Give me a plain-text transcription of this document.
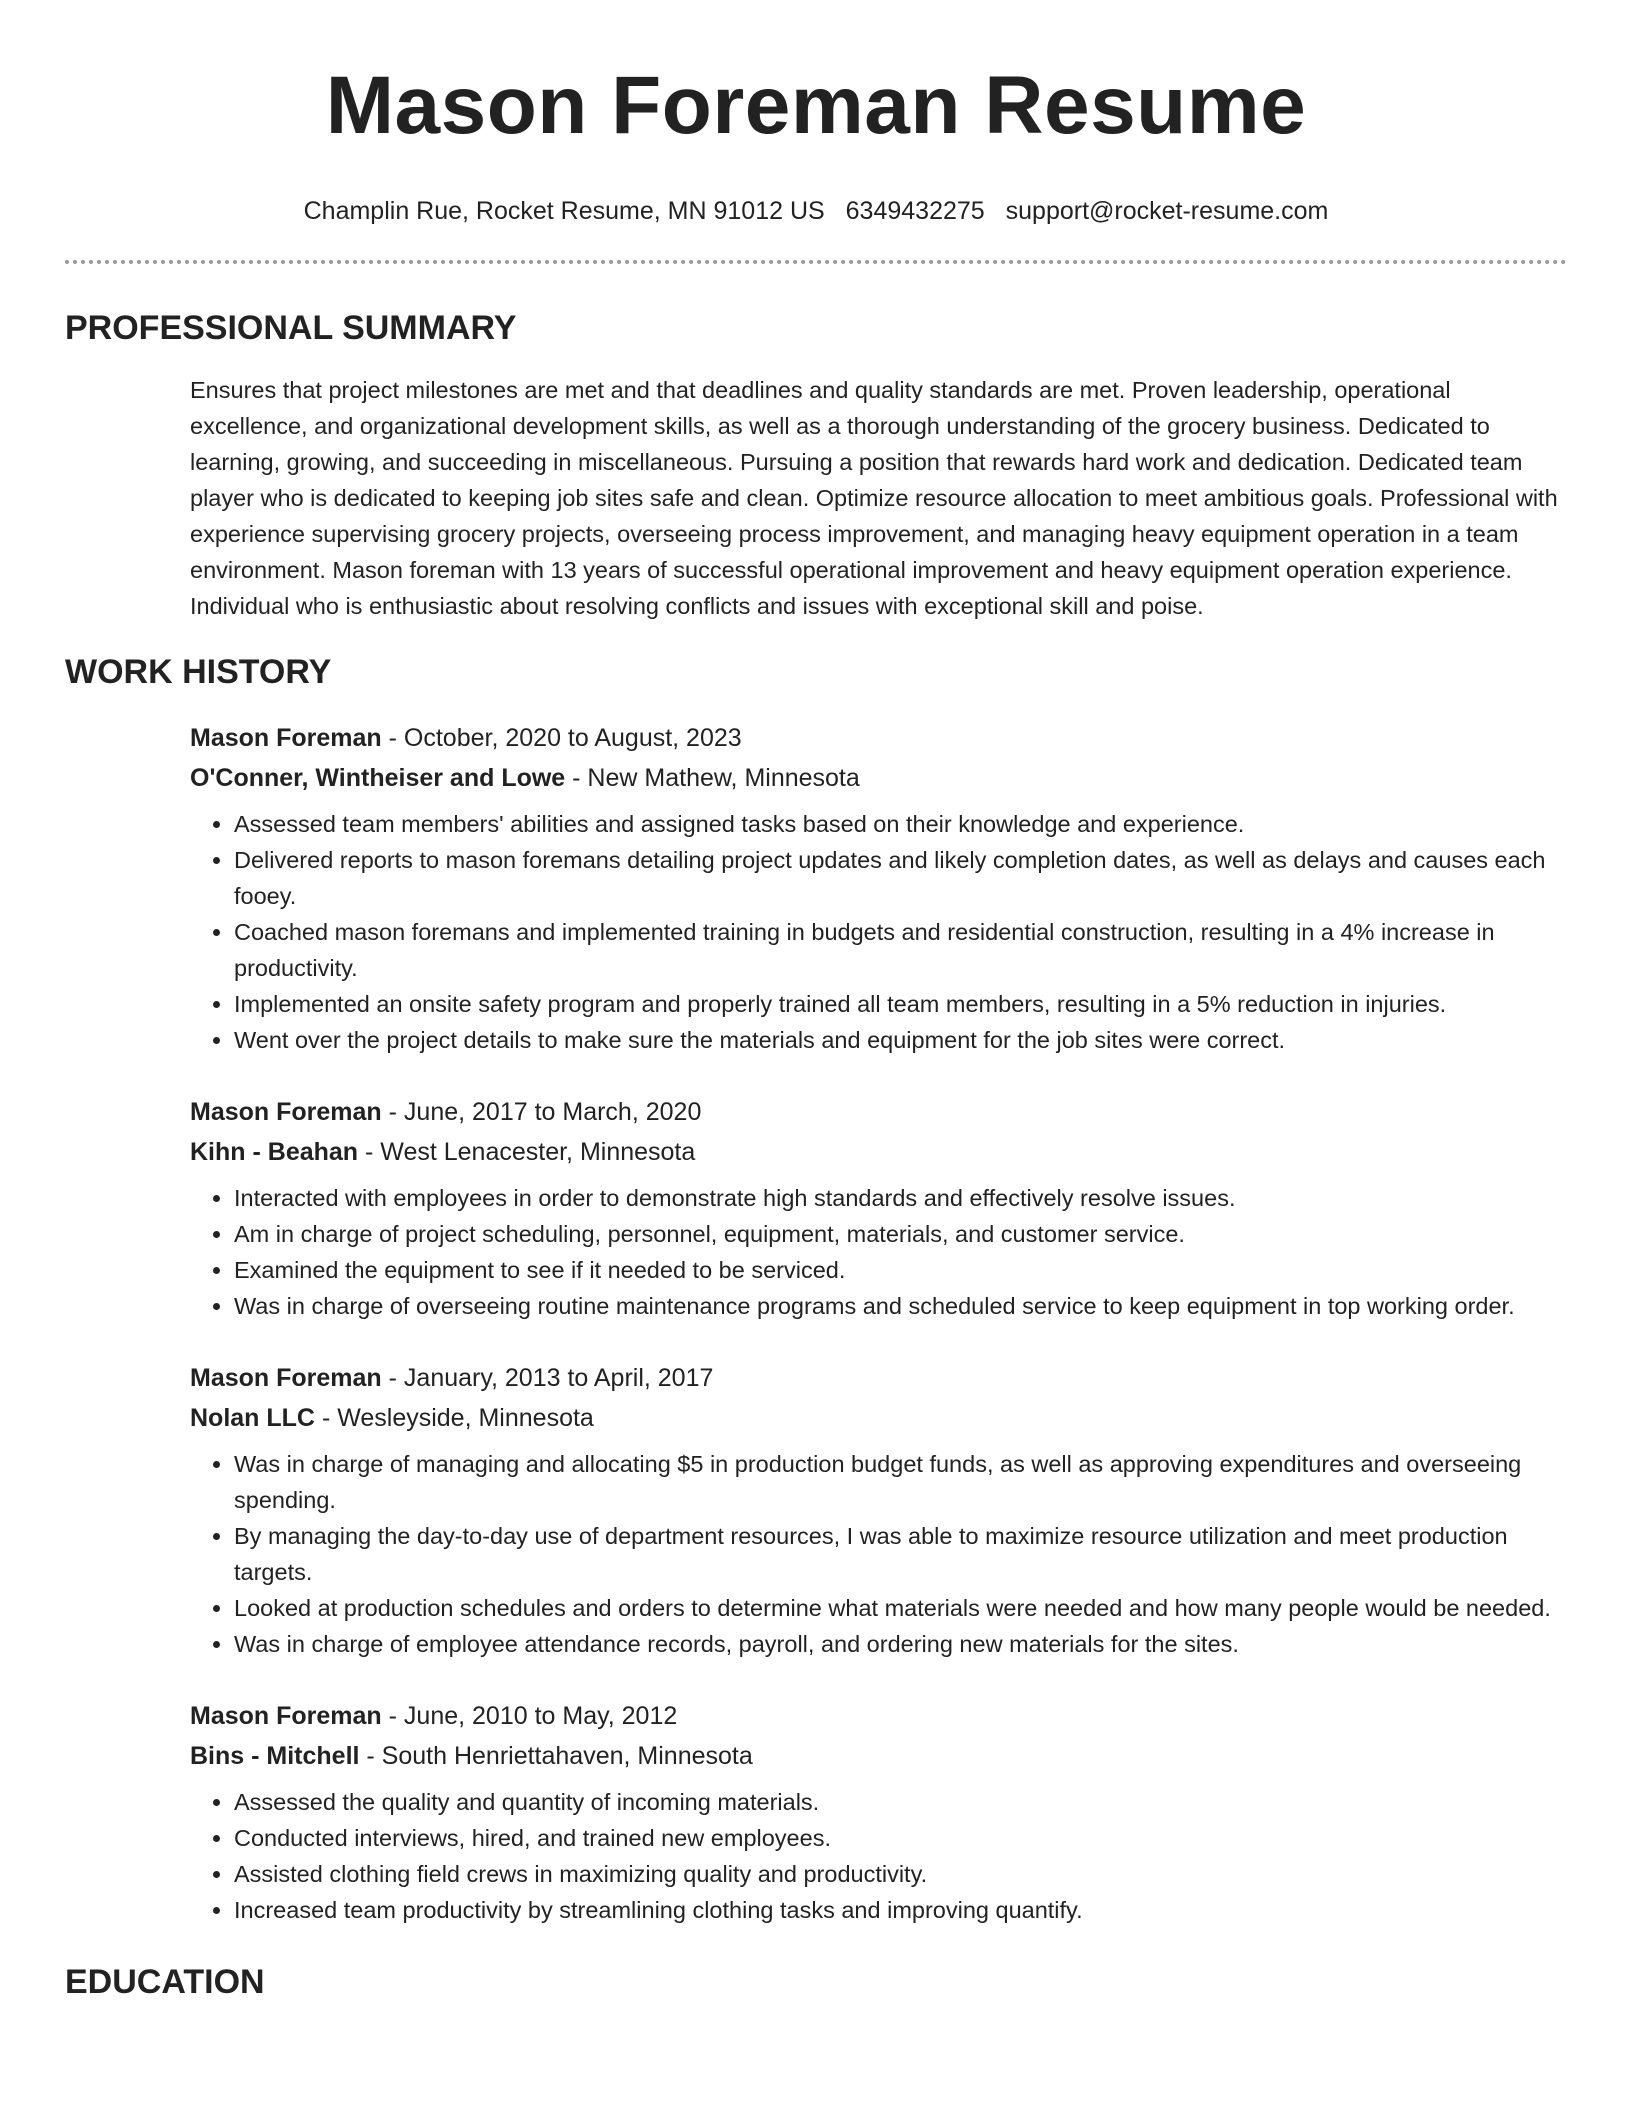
Mason Foreman Resume
Champlin Rue, Rocket Resume, MN 91012 US 6349432275 support@rocket-resume.com
PROFESSIONAL SUMMARY

Ensures that project milestones are met and that deadlines and quality standards are met. Proven leadership, operational excellence, and organizational development skills, as well as a thorough understanding of the grocery business. Dedicated to learning, growing, and succeeding in miscellaneous. Pursuing a position that rewards hard work and dedication. Dedicated team player who is dedicated to keeping job sites safe and clean. Optimize resource allocation to meet ambitious goals. Professional with experience supervising grocery projects, overseeing process improvement, and managing heavy equipment operation in a team environment. Mason foreman with 13 years of successful operational improvement and heavy equipment operation experience. Individual who is enthusiastic about resolving conflicts and issues with exceptional skill and poise.

WORK HISTORY
Mason Foreman - October, 2020 to August, 2023
O'Conner, Wintheiser and Lowe - New Mathew, Minnesota
• Assessed team members' abilities and assigned tasks based on their knowledge and experience.
• Delivered reports to mason foremans detailing project updates and likely completion dates, as well as delays and causes each fooey.
• Coached mason foremans and implemented training in budgets and residential construction, resulting in a 4% increase in productivity.
• Implemented an onsite safety program and properly trained all team members, resulting in a 5% reduction in injuries.
• Went over the project details to make sure the materials and equipment for the job sites were correct.
Mason Foreman - June, 2017 to March, 2020
Kihn - Beahan - West Lenacester, Minnesota
• Interacted with employees in order to demonstrate high standards and effectively resolve issues.
• Am in charge of project scheduling, personnel, equipment, materials, and customer service.
• Examined the equipment to see if it needed to be serviced.
• Was in charge of overseeing routine maintenance programs and scheduled service to keep equipment in top working order.
Mason Foreman - January, 2013 to April, 2017
Nolan LLC - Wesleyside, Minnesota
• Was in charge of managing and allocating $5 in production budget funds, as well as approving expenditures and overseeing spending.
• By managing the day-to-day use of department resources, I was able to maximize resource utilization and meet production targets.
• Looked at production schedules and orders to determine what materials were needed and how many people would be needed.
• Was in charge of employee attendance records, payroll, and ordering new materials for the sites.
Mason Foreman - June, 2010 to May, 2012
Bins - Mitchell - South Henriettahaven, Minnesota
• Assessed the quality and quantity of incoming materials.
• Conducted interviews, hired, and trained new employees.
• Assisted clothing field crews in maximizing quality and productivity.
• Increased team productivity by streamlining clothing tasks and improving quantify.
EDUCATION
